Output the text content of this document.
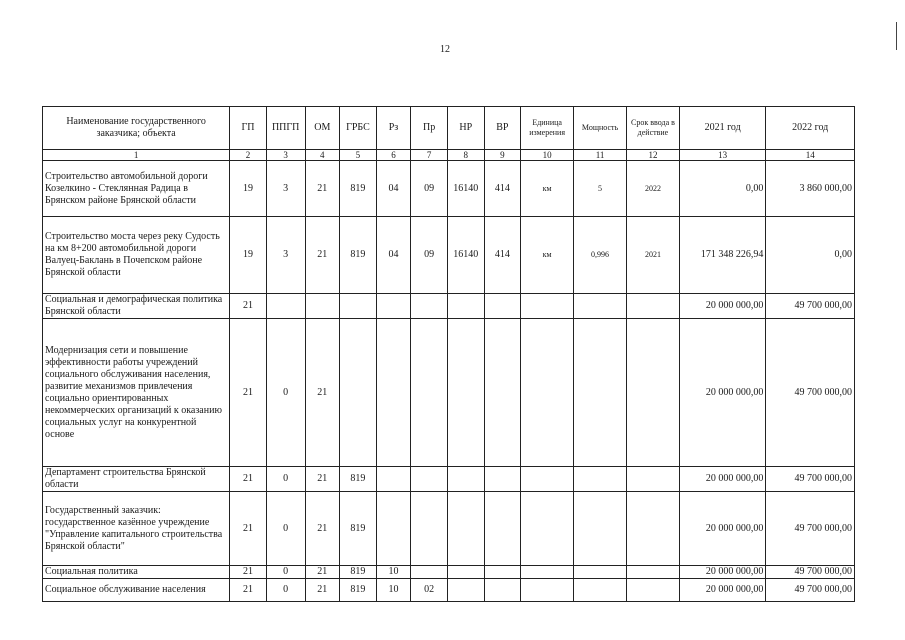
12
Наименование государственного заказчика; объекта	ГП	ППГП	ОМ	ГРБС	Рз	Пр	НР	ВР	Единица измерения	Мощность	Срок ввода в действие	2021 год	2022 год
1	2	3	4	5	6	7	8	9	10	11	12	13	14
Строительство автомобильной дороги Козелкино - Стеклянная Радица в Брянском районе Брянской области	19	3	21	819	04	09	16140	414	км	5	2022	0,00	3 860 000,00
Строительство моста через реку Судость на км 8+200 автомобильной дороги Валуец-Баклань в Почепском районе Брянской области	19	3	21	819	04	09	16140	414	км	0,996	2021	171 348 226,94	0,00
Социальная и демографическая политика Брянской области	21											20 000 000,00	49 700 000,00
Модернизация сети и повышение эффективности работы учреждений социального обслуживания населения, развитие механизмов привлечения социально ориентированных некоммерческих организаций к оказанию социальных услуг на конкурентной основе	21	0	21									20 000 000,00	49 700 000,00
Департамент строительства Брянской области	21	0	21	819								20 000 000,00	49 700 000,00
Государственный заказчик: государственное казённое учреждение "Управление капитального строительства Брянской области"	21	0	21	819								20 000 000,00	49 700 000,00
Социальная политика	21	0	21	819	10							20 000 000,00	49 700 000,00
Социальное обслуживание населения	21	0	21	819	10	02						20 000 000,00	49 700 000,00
